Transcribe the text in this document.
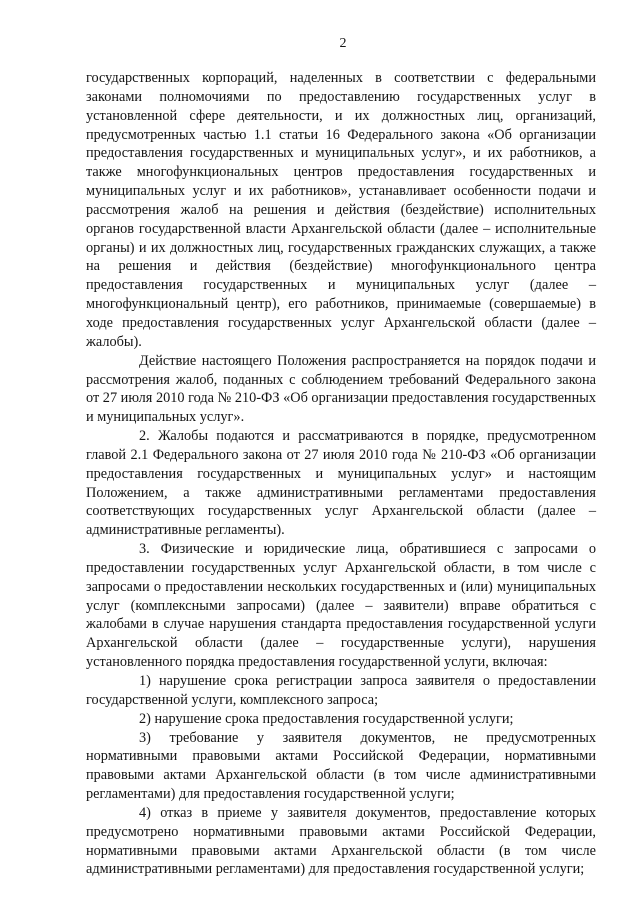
2

государственных корпораций, наделенных в соответствии с федеральными законами полномочиями по предоставлению государственных услуг в установленной сфере деятельности, и их должностных лиц, организаций, предусмотренных частью 1.1 статьи 16 Федерального закона «Об организации предоставления государственных и муниципальных услуг», и их работников, а также многофункциональных центров предоставления государственных и муниципальных услуг и их работников», устанавливает особенности подачи и рассмотрения жалоб на решения и действия (бездействие) исполнительных органов государственной власти Архангельской области (далее – исполнительные органы) и их должностных лиц, государственных гражданских служащих, а также на решения и действия (бездействие) многофункционального центра предоставления государственных и муниципальных услуг (далее – многофункциональный центр), его работников, принимаемые (совершаемые) в ходе предоставления государственных услуг Архангельской области (далее – жалобы).

Действие настоящего Положения распространяется на порядок подачи и рассмотрения жалоб, поданных с соблюдением требований Федерального закона от 27 июля 2010 года № 210-ФЗ «Об организации предоставления государственных и муниципальных услуг».

2. Жалобы подаются и рассматриваются в порядке, предусмотренном главой 2.1 Федерального закона от 27 июля 2010 года № 210-ФЗ «Об организации предоставления государственных и муниципальных услуг» и настоящим Положением, а также административными регламентами предоставления соответствующих государственных услуг Архангельской области (далее – административные регламенты).

3. Физические и юридические лица, обратившиеся с запросами о предоставлении государственных услуг Архангельской области, в том числе с запросами о предоставлении нескольких государственных и (или) муниципальных услуг (комплексными запросами) (далее – заявители) вправе обратиться с жалобами в случае нарушения стандарта предоставления государственной услуги Архангельской области (далее – государственные услуги), нарушения установленного порядка предоставления государственной услуги, включая:

1) нарушение срока регистрации запроса заявителя о предоставлении государственной услуги, комплексного запроса;

2) нарушение срока предоставления государственной услуги;

3) требование у заявителя документов, не предусмотренных нормативными правовыми актами Российской Федерации, нормативными правовыми актами Архангельской области (в том числе административными регламентами) для предоставления государственной услуги;

4) отказ в приеме у заявителя документов, предоставление которых предусмотрено нормативными правовыми актами Российской Федерации, нормативными правовыми актами Архангельской области (в том числе административными регламентами) для предоставления государственной услуги;
